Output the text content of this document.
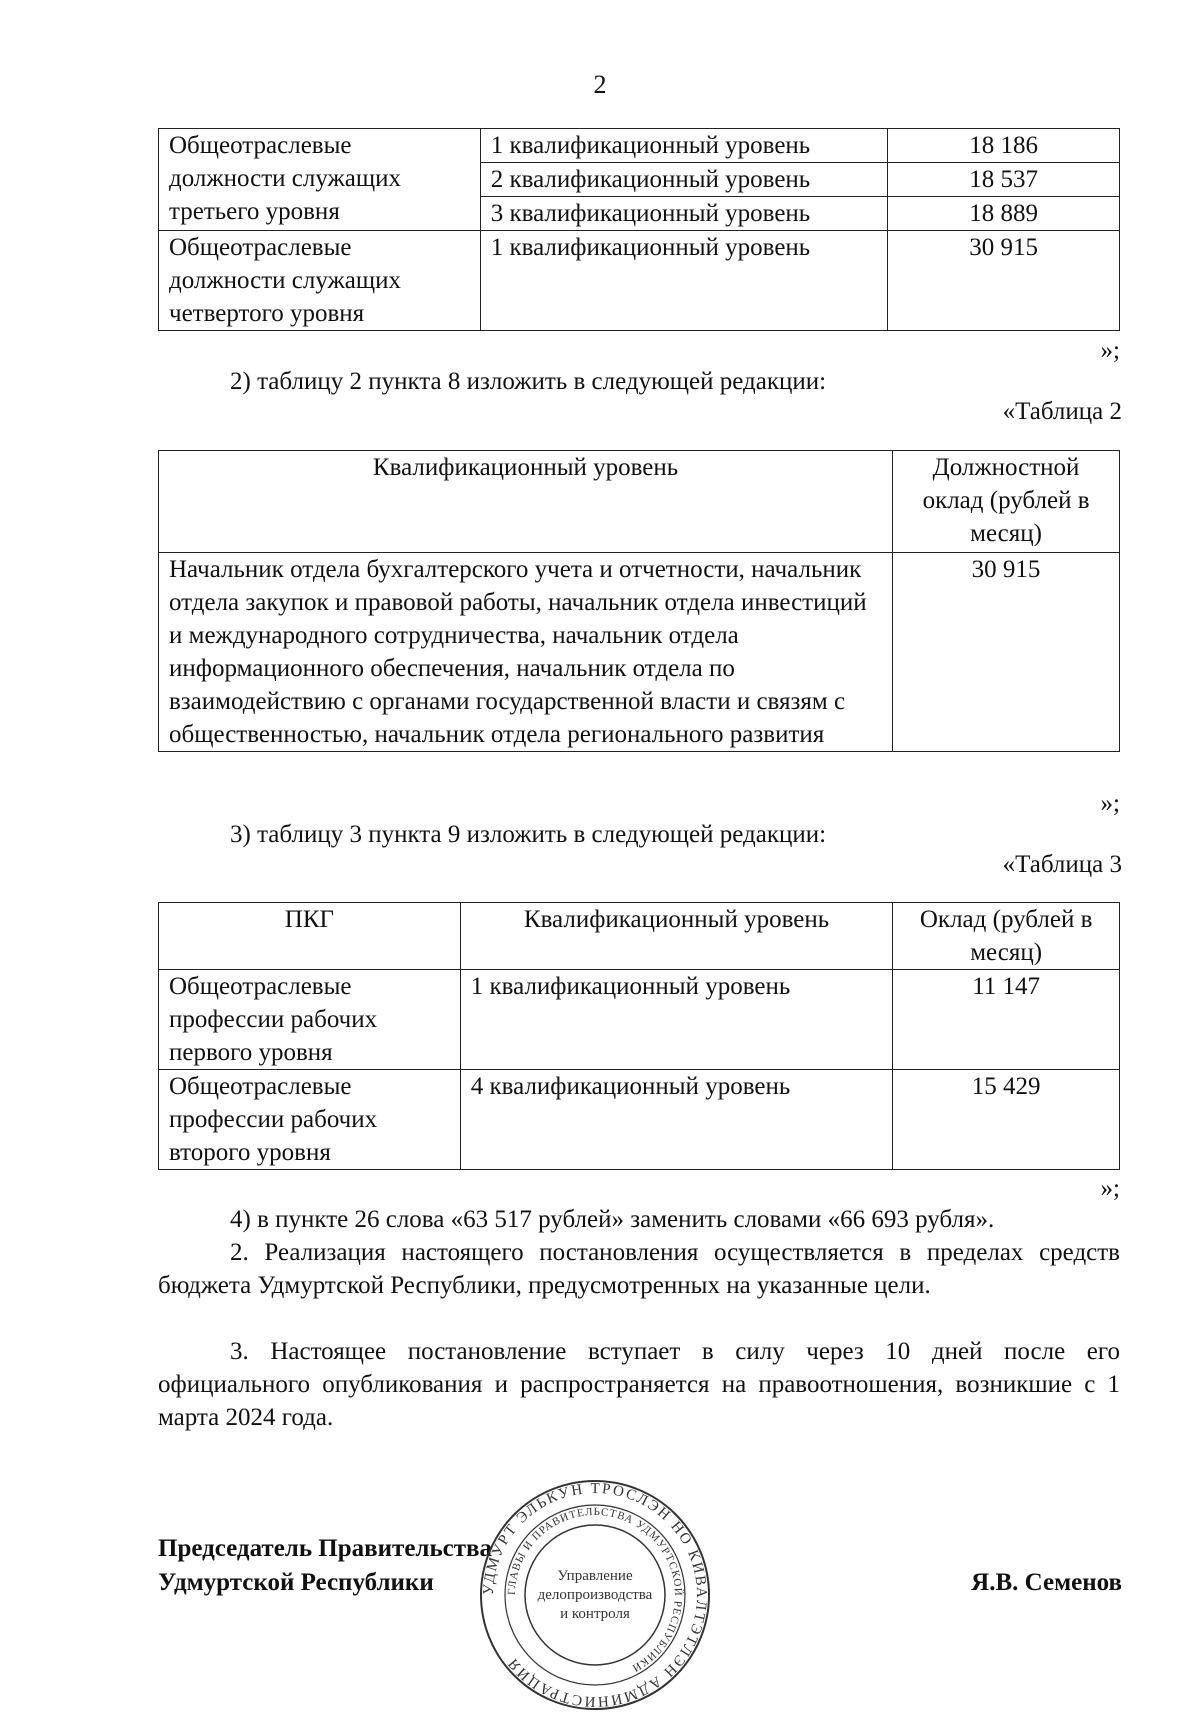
2
Общеотраслевые должности служащих третьего уровня	1 квалификационный уровень	18 186
	2 квалификационный уровень	18 537
	3 квалификационный уровень	18 889
Общеотраслевые должности служащих четвертого уровня	1 квалификационный уровень	30 915
»;
2) таблицу 2 пункта 8 изложить в следующей редакции:
«Таблица 2
Квалификационный уровень	Должностной оклад (рублей в месяц)
Начальник отдела бухгалтерского учета и отчетности, начальник отдела закупок и правовой работы, начальник отдела инвестиций и международного сотрудничества, начальник отдела информационного обеспечения, начальник отдела по взаимодействию с органами государственной власти и связям с общественностью, начальник отдела регионального развития	30 915
»;
3) таблицу 3 пункта 9 изложить в следующей редакции:
«Таблица 3
ПКГ	Квалификационный уровень	Оклад (рублей в месяц)
Общеотраслевые профессии рабочих первого уровня	1 квалификационный уровень	11 147
Общеотраслевые профессии рабочих второго уровня	4 квалификационный уровень	15 429
»;
4) в пункте 26 слова «63 517 рублей» заменить словами «66 693 рубля».
2. Реализация настоящего постановления осуществляется в пределах средств бюджета Удмуртской Республики, предусмотренных на указанные цели.
3. Настоящее постановление вступает в силу через 10 дней после его официального опубликования и распространяется на правоотношения, возникшие с 1 марта 2024 года.
Председатель Правительства
Удмуртской Республики	Я.В. Семенов
УДМУРТ ЭЛЬКУН ТРОСЛЭН НО КИВАЛТЭТЛЭН АДМИНИСТРАЦИЯ
ГЛАВЫ И ПРАВИТЕЛЬСТВА УДМУРТСКОЙ РЕСПУБЛИКИ
Управление
делопроизводства
и контроля
